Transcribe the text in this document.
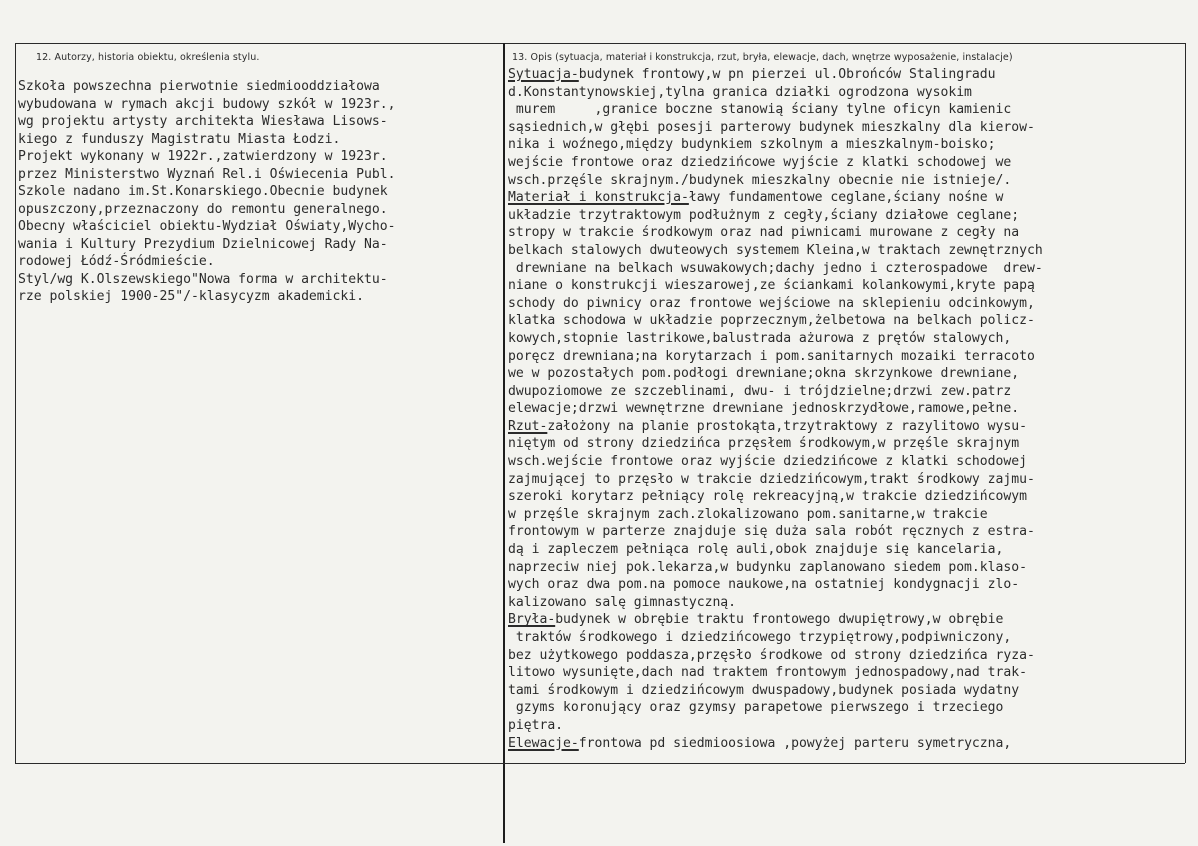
12. Autorzy, historia obiektu, określenia stylu.	13. Opis (sytuacja, materiał i konstrukcja, rzut, bryła, elewacje, dach, wnętrze wyposażenie, instalacje)
Szkoła powszechna pierwotnie siedmiooddziałowa
wybudowana w rymach akcji budowy szkół w 1923r.,
wg projektu artysty architekta Wiesława Lisows-
kiego z funduszy Magistratu Miasta Łodzi.
Projekt wykonany w 1922r.,zatwierdzony w 1923r.
przez Ministerstwo Wyznań Rel.i Oświecenia Publ.
Szkole nadano im.St.Konarskiego.Obecnie budynek
opuszczony,przeznaczony do remontu generalnego.
Obecny właściciel obiektu-Wydział Oświaty,Wycho-
wania i Kultury Prezydium Dzielnicowej Rady Na-
rodowej Łódź-Śródmieście.
Styl/wg K.Olszewskiego"Nowa forma w architektu-
rze polskiej 1900-25"/-klasycyzm akademicki.
Sytuacja-budynek frontowy,w pn pierzei ul.Obrońców Stalingradu
d.Konstantynowskiej,tylna granica działki ogrodzona wysokim
murem     ,granice boczne stanowią ściany tylne oficyn kamienic
sąsiednich,w głębi posesji parterowy budynek mieszkalny dla kierow-
nika i woźnego,między budynkiem szkolnym a mieszkalnym-boisko;
wejście frontowe oraz dziedzińcowe wyjście z klatki schodowej we
wsch.przęśle skrajnym./budynek mieszkalny obecnie nie istnieje/.
Materiał i konstrukcja-ławy fundamentowe ceglane,ściany nośne w
układzie trzytraktowym podłużnym z cegły,ściany działowe ceglane;
stropy w trakcie środkowym oraz nad piwnicami murowane z cegły na
belkach stalowych dwuteowych systemem Kleina,w traktach zewnętrznych
drewniane na belkach wsuwakowych;dachy jedno i czterospadowe  drew-
niane o konstrukcji wieszarowej,ze ściankami kolankowymi,kryte papą
schody do piwnicy oraz frontowe wejściowe na sklepieniu odcinkowym,
klatka schodowa w układzie poprzecznym,żelbetowa na belkach policz-
kowych,stopnie lastrikowe,balustrada ażurowa z prętów stalowych,
poręcz drewniana;na korytarzach i pom.sanitarnych mozaiki terracoto
we w pozostałych pom.podłogi drewniane;okna skrzynkowe drewniane,
dwupoziomowe ze szczeblinami, dwu- i trójdzielne;drzwi zew.patrz
elewacje;drzwi wewnętrzne drewniane jednoskrzydłowe,ramowe,pełne.
Rzut-założony na planie prostokąta,trzytraktowy z razylitowo wysu-
niętym od strony dziedzińca przęsłem środkowym,w przęśle skrajnym
wsch.wejście frontowe oraz wyjście dziedzińcowe z klatki schodowej
zajmującej to przęsło w trakcie dziedzińcowym,trakt środkowy zajmu-
szeroki korytarz pełniący rolę rekreacyjną,w trakcie dziedzińcowym
w przęśle skrajnym zach.zlokalizowano pom.sanitarne,w trakcie
frontowym w parterze znajduje się duża sala robót ręcznych z estra-
dą i zapleczem pełniąca rolę auli,obok znajduje się kancelaria,
naprzeciw niej pok.lekarza,w budynku zaplanowano siedem pom.klaso-
wych oraz dwa pom.na pomoce naukowe,na ostatniej kondygnacji zlo-
kalizowano salę gimnastyczną.
Bryła-budynek w obrębie traktu frontowego dwupiętrowy,w obrębie
traktów środkowego i dziedzińcowego trzypiętrowy,podpiwniczony,
bez użytkowego poddasza,przęsło środkowe od strony dziedzińca ryza-
litowo wysunięte,dach nad traktem frontowym jednospadowy,nad trak-
tami środkowym i dziedzińcowym dwuspadowy,budynek posiada wydatny
gzyms koronujący oraz gzymsy parapetowe pierwszego i trzeciego
piętra.
Elewacje-frontowa pd siedmioosiowa ,powyżej parteru symetryczna,
